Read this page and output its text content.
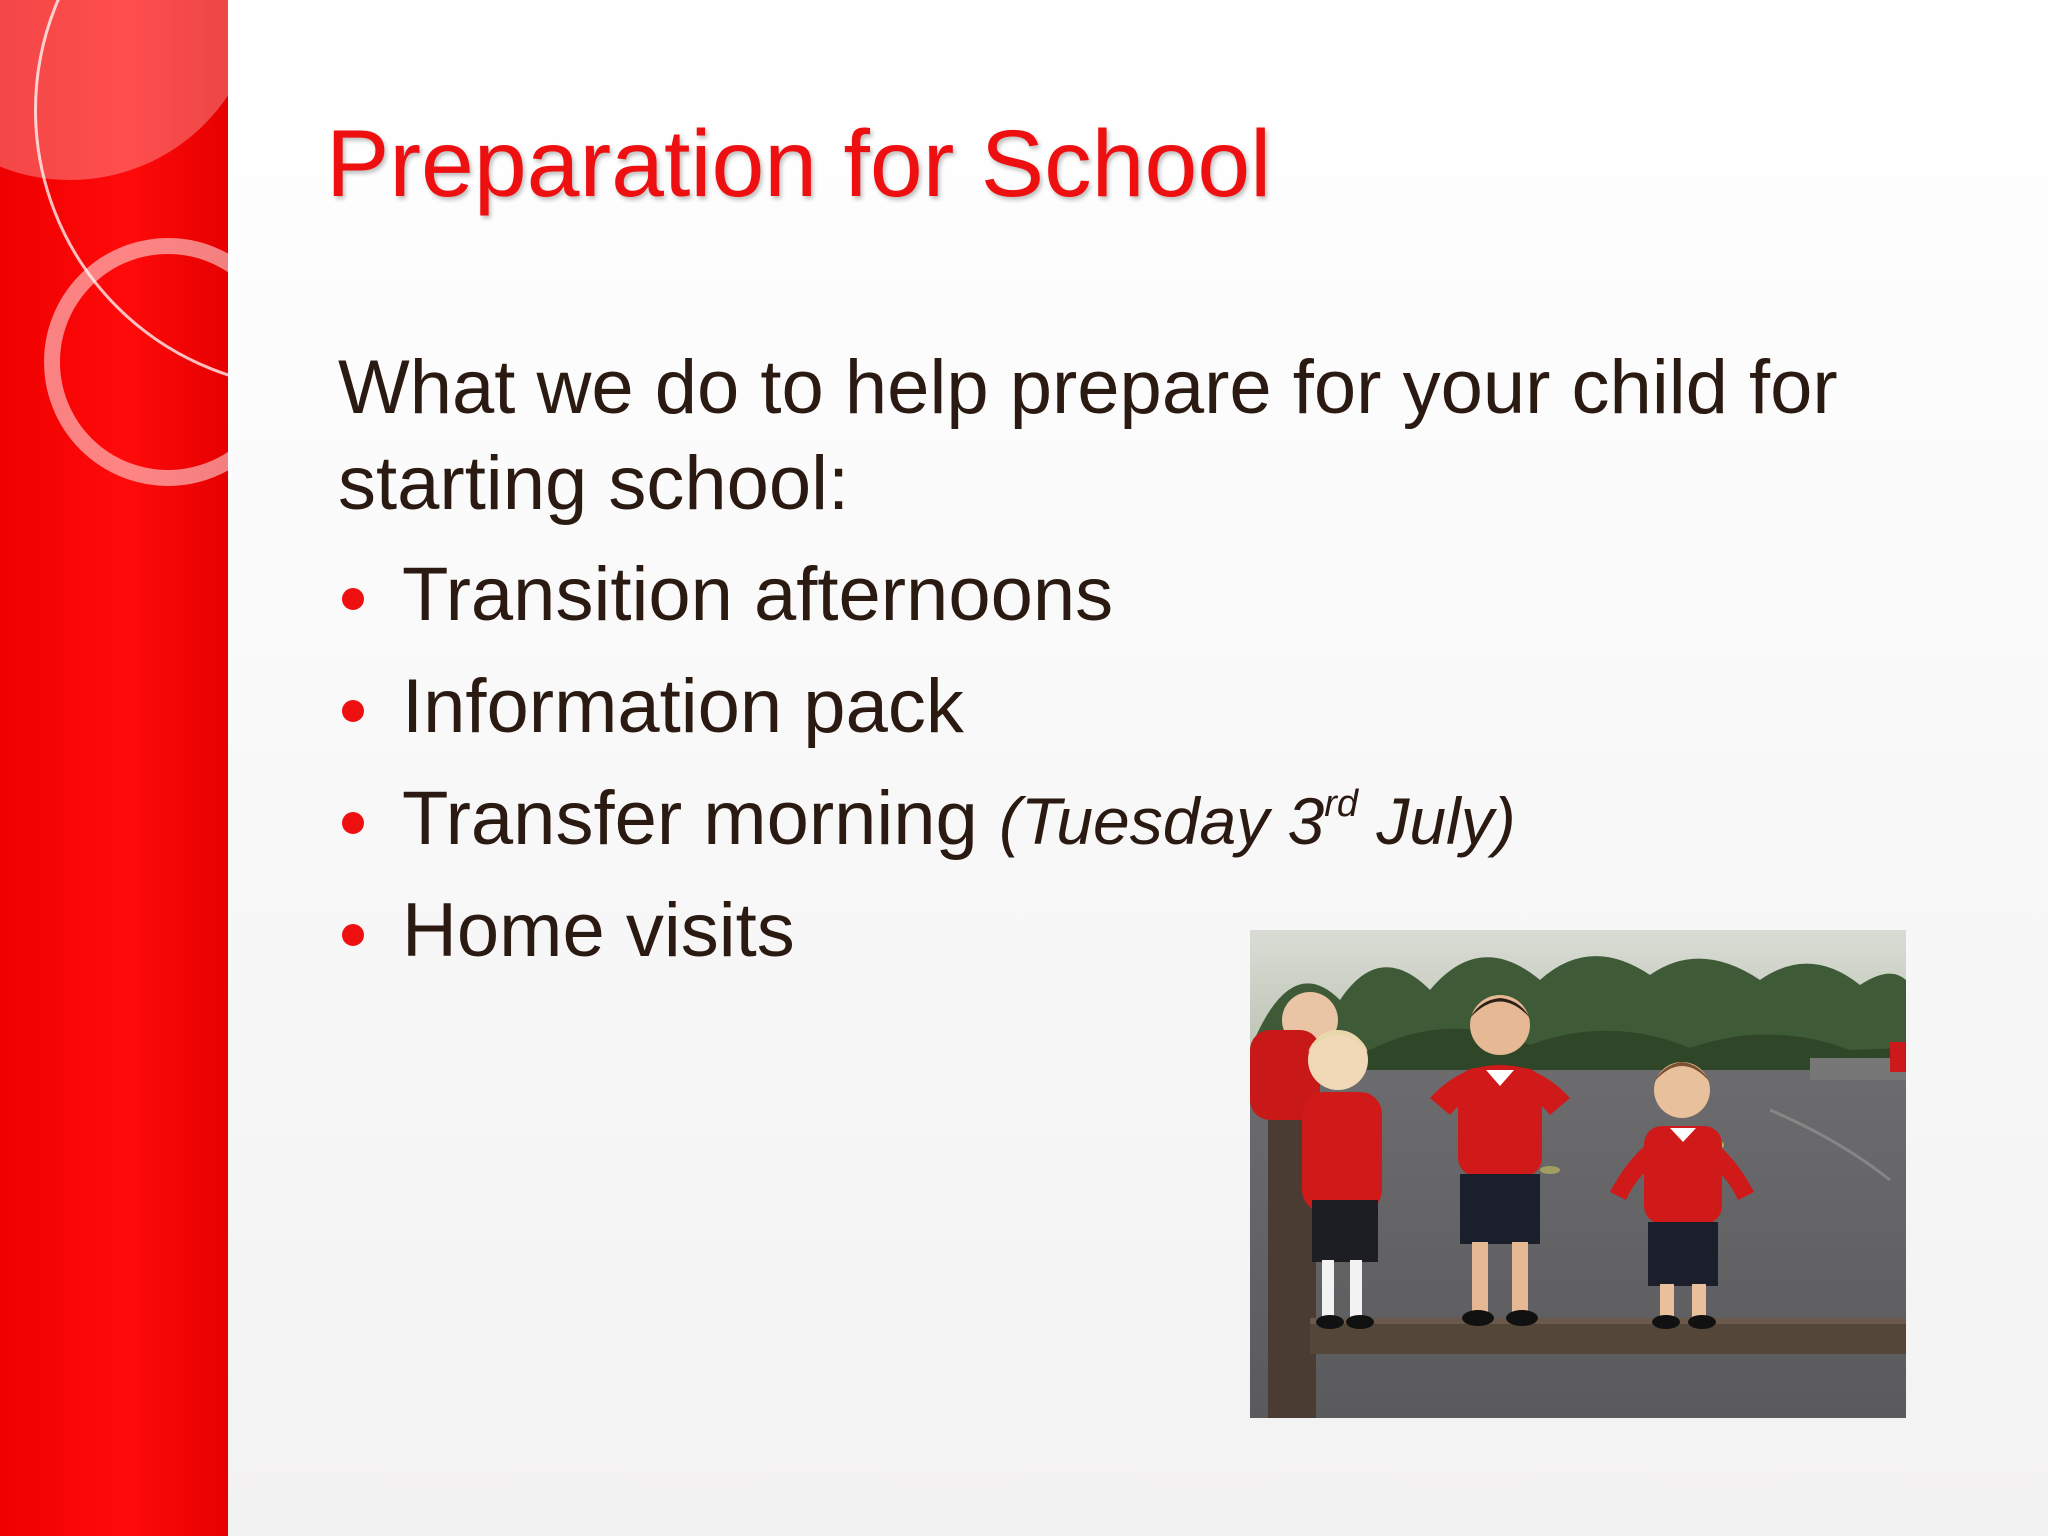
Preparation for School
What we do to help prepare for your child for starting school:
Transition afternoons
Information pack
Transfer morning (Tuesday 3rd July)
Home visits
